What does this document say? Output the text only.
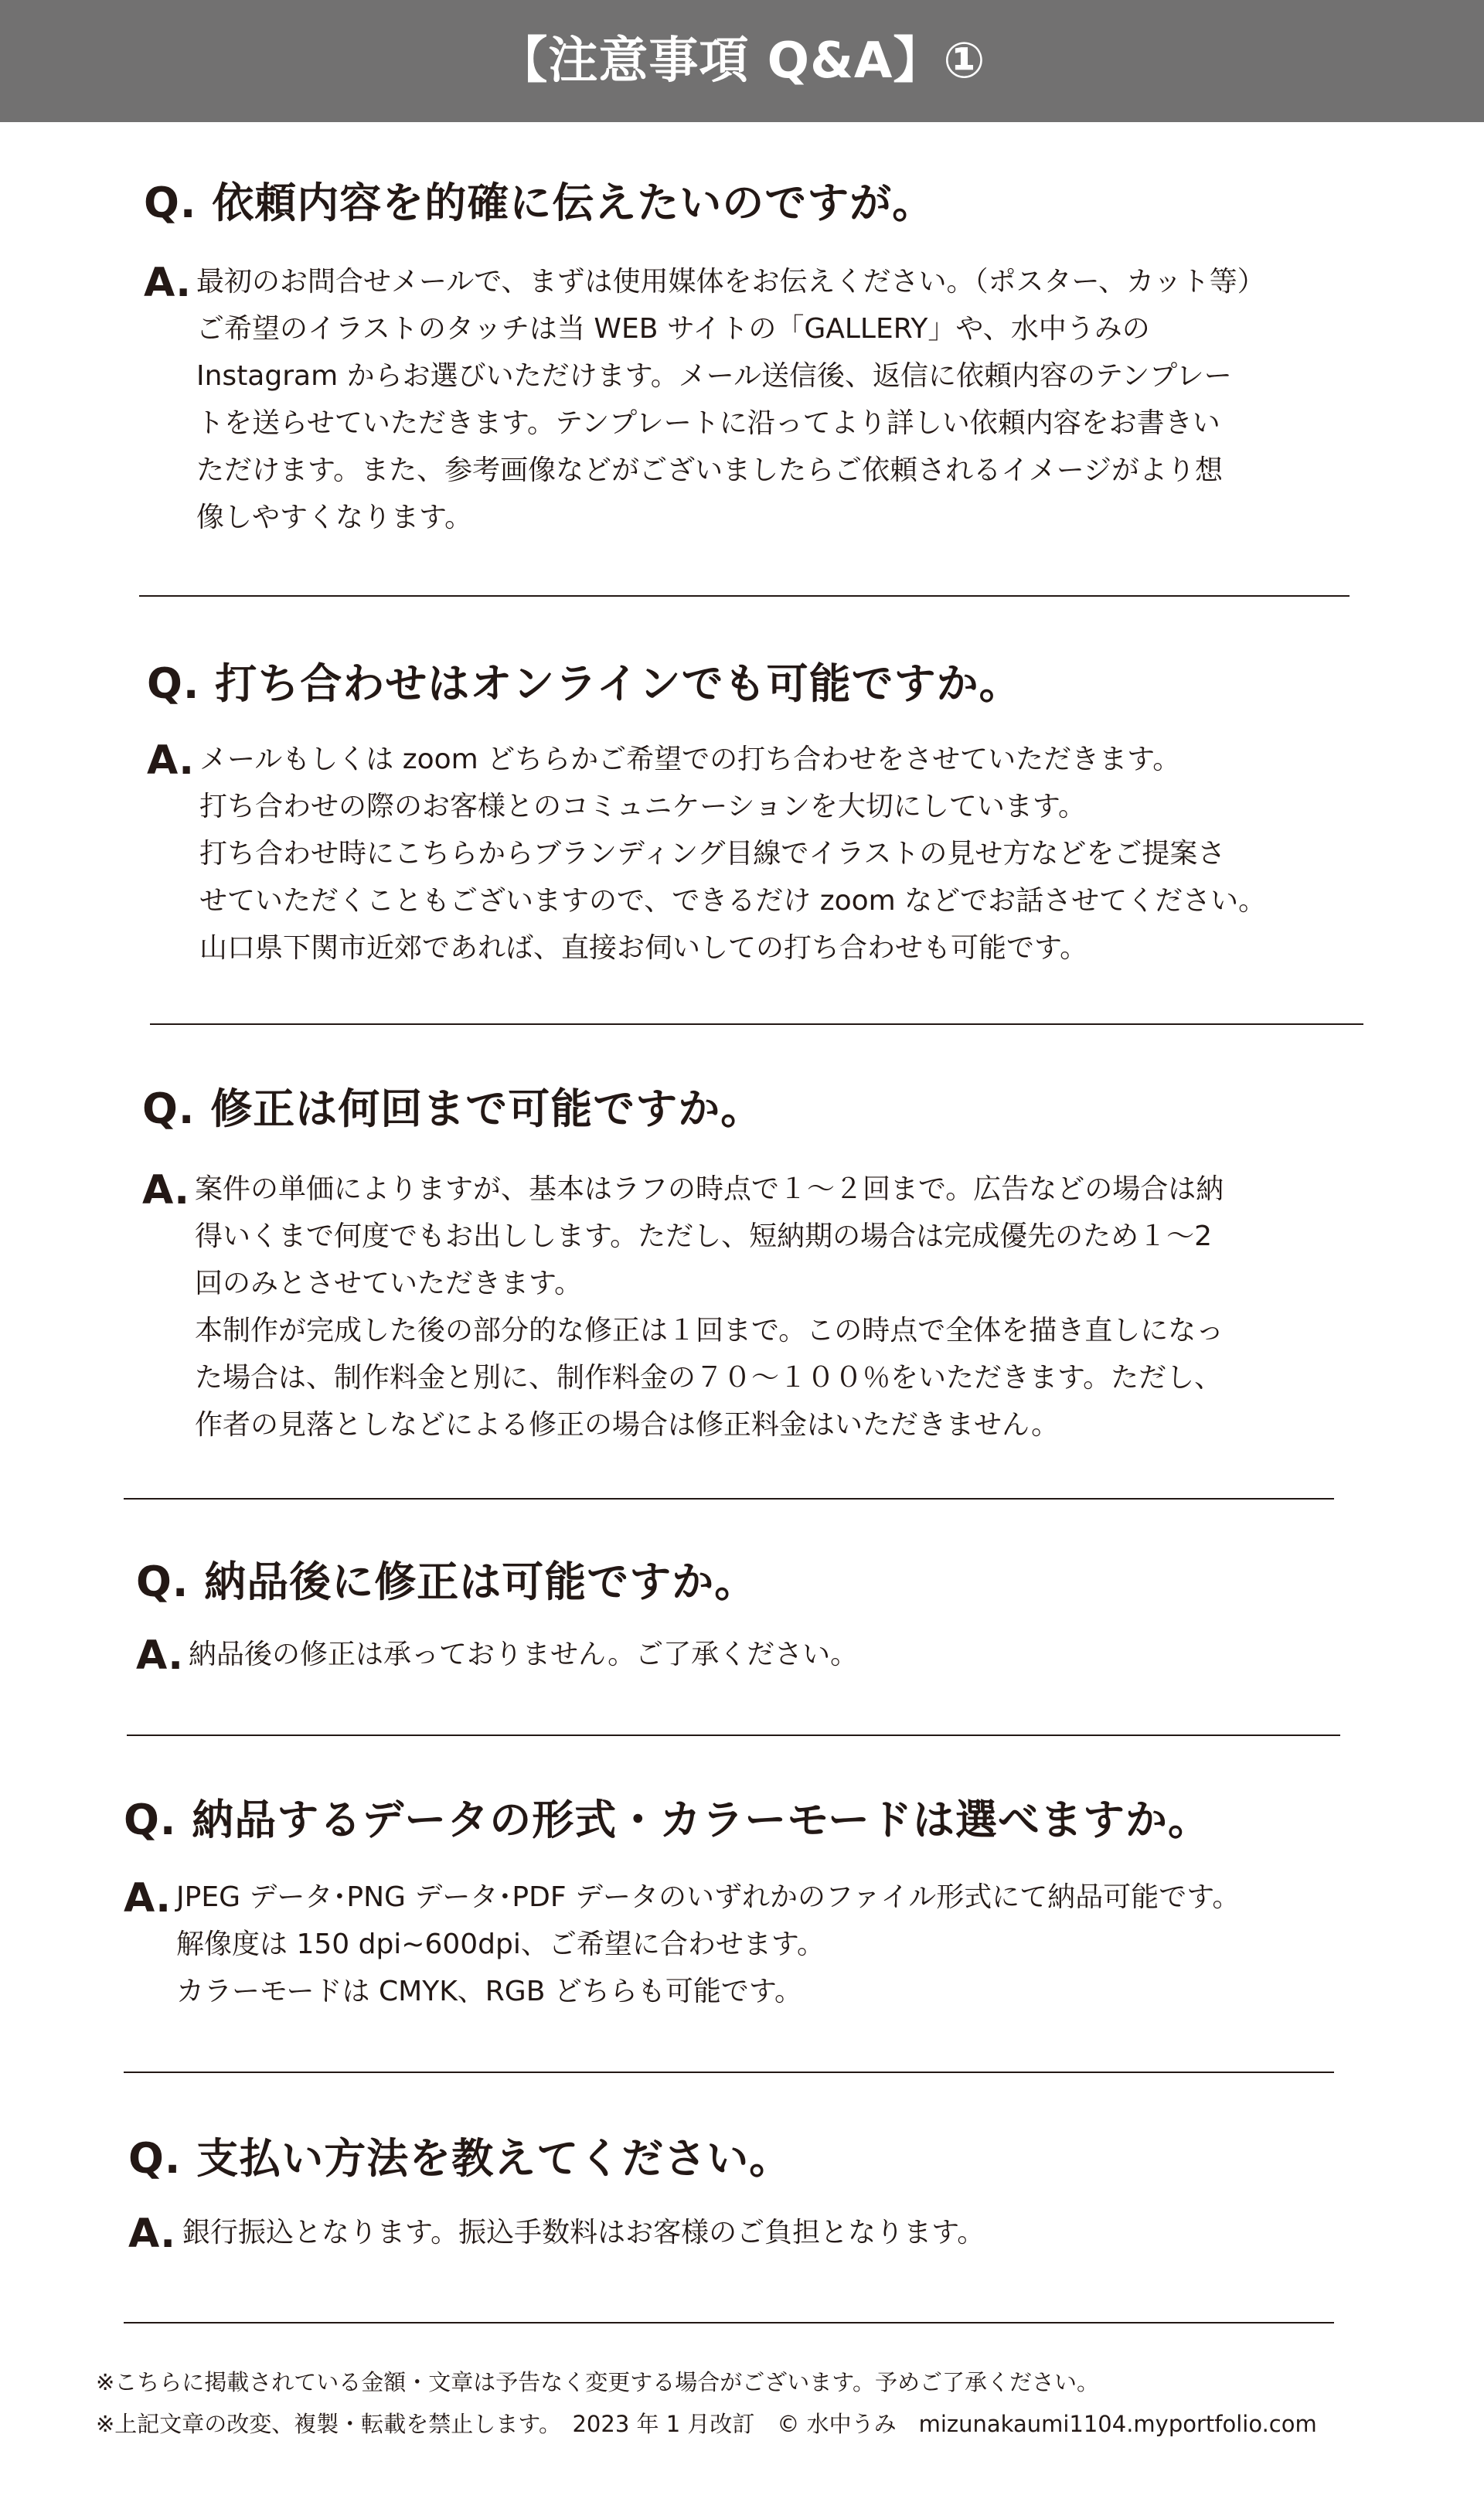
【注意事項 Q&A】①
Q. 依頼内容を的確に伝えたいのですが。
A. 最初のお問合せメールで、まずは使用媒体をお伝えください。（ポスター、カット等）
ご希望のイラストのタッチは当 WEB サイトの「GALLERY」や、水中うみの
Instagram からお選びいただけます。メール送信後、返信に依頼内容のテンプレー
トを送らせていただきます。テンプレートに沿ってより詳しい依頼内容をお書きい
ただけます。また、参考画像などがございましたらご依頼されるイメージがより想
像しやすくなります。
Q. 打ち合わせはオンラインでも可能ですか。
A. メールもしくは zoom どちらかご希望での打ち合わせをさせていただきます。
打ち合わせの際のお客様とのコミュニケーションを大切にしています。
打ち合わせ時にこちらからブランディング目線でイラストの見せ方などをご提案さ
せていただくこともございますので、できるだけ zoom などでお話させてください。
山口県下関市近郊であれば、直接お伺いしての打ち合わせも可能です。
Q. 修正は何回まで可能ですか。
A. 案件の単価によりますが、基本はラフの時点で１～２回まで。広告などの場合は納
得いくまで何度でもお出しします。ただし、短納期の場合は完成優先のため１～2
回のみとさせていただきます。
本制作が完成した後の部分的な修正は１回まで。この時点で全体を描き直しになっ
た場合は、制作料金と別に、制作料金の７０～１００％をいただきます。ただし、
作者の見落としなどによる修正の場合は修正料金はいただきません。
Q. 納品後に修正は可能ですか。
A. 納品後の修正は承っておりません。ご了承ください。
Q. 納品するデータの形式・カラーモードは選べますか。
A. JPEG データ･PNG データ･PDF データのいずれかのファイル形式にて納品可能です。
解像度は 150 dpi~600dpi、ご希望に合わせます。
カラーモードは CMYK、RGB どちらも可能です。
Q. 支払い方法を教えてください。
A. 銀行振込となります。振込手数料はお客様のご負担となります。
※こちらに掲載されている金額・文章は予告なく変更する場合がございます。予めご了承ください。
※上記文章の改変、複製・転載を禁止します。　2023 年 1 月改訂　© 水中うみ　mizunakaumi1104.myportfolio.com
